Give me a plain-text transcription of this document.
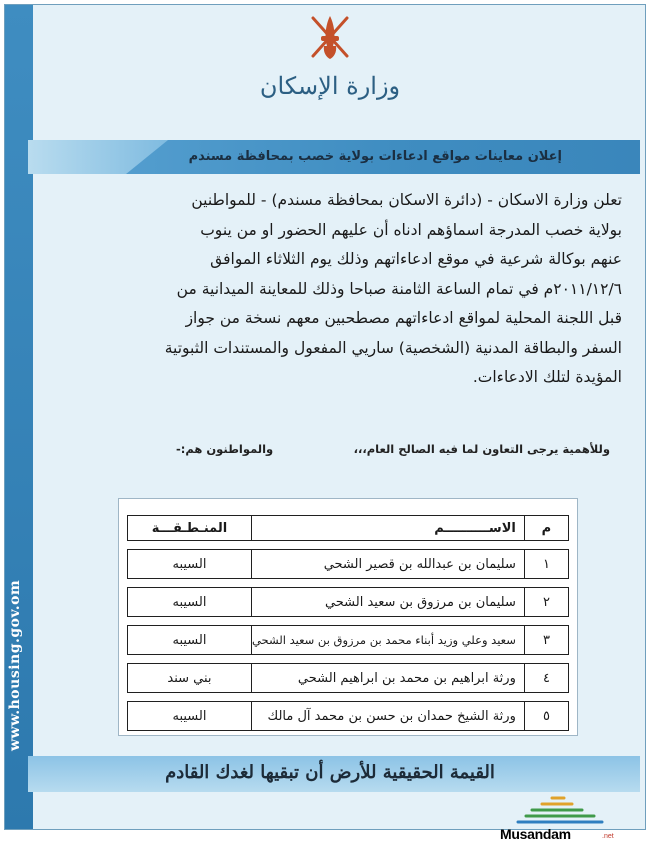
www.housing.gov.om
وزارة الإسكان
إعلان معاينات مواقع ادعاءات بولاية خصب بمحافظة مسندم
تعلن وزارة الاسكان - (دائرة الاسكان بمحافظة مسندم) - للمواطنين
بولاية خصب المدرجة اسماؤهم ادناه أن عليهم الحضور او من ينوب
عنهم بوكالة شرعية في موقع ادعاءاتهم وذلك يوم الثلاثاء الموافق
٢٠١١/١٢/٦م في تمام الساعة الثامنة صباحا وذلك للمعاينة الميدانية من
قبل اللجنة المحلية لمواقع ادعاءاتهم مصطحبين معهم نسخة من جواز
السفر والبطاقة المدنية (الشخصية) ساريي المفعول والمستندات الثبوتية
المؤيدة لتلك الادعاءات.
وللأهمية يرجى التعاون لما فيه الصالح العام،،،
والمواطنون هم:-
م	الاســــــــــم	المنـطـقـــة
١	سليمان بن عبدالله بن قصير الشحي	السيبه
٢	سليمان بن مرزوق بن سعيد الشحي	السيبه
٣	سعيد وعلي وزيد أبناء محمد بن مرزوق بن سعيد الشحي	السيبه
٤	ورثة ابراهيم بن محمد بن ابراهيم الشحي	بني سند
٥	ورثة الشيخ حمدان بن حسن بن محمد آل مالك	السيبه
القيمة الحقيقية للأرض أن تبقيها لغدك القادم
Musandam	.net
